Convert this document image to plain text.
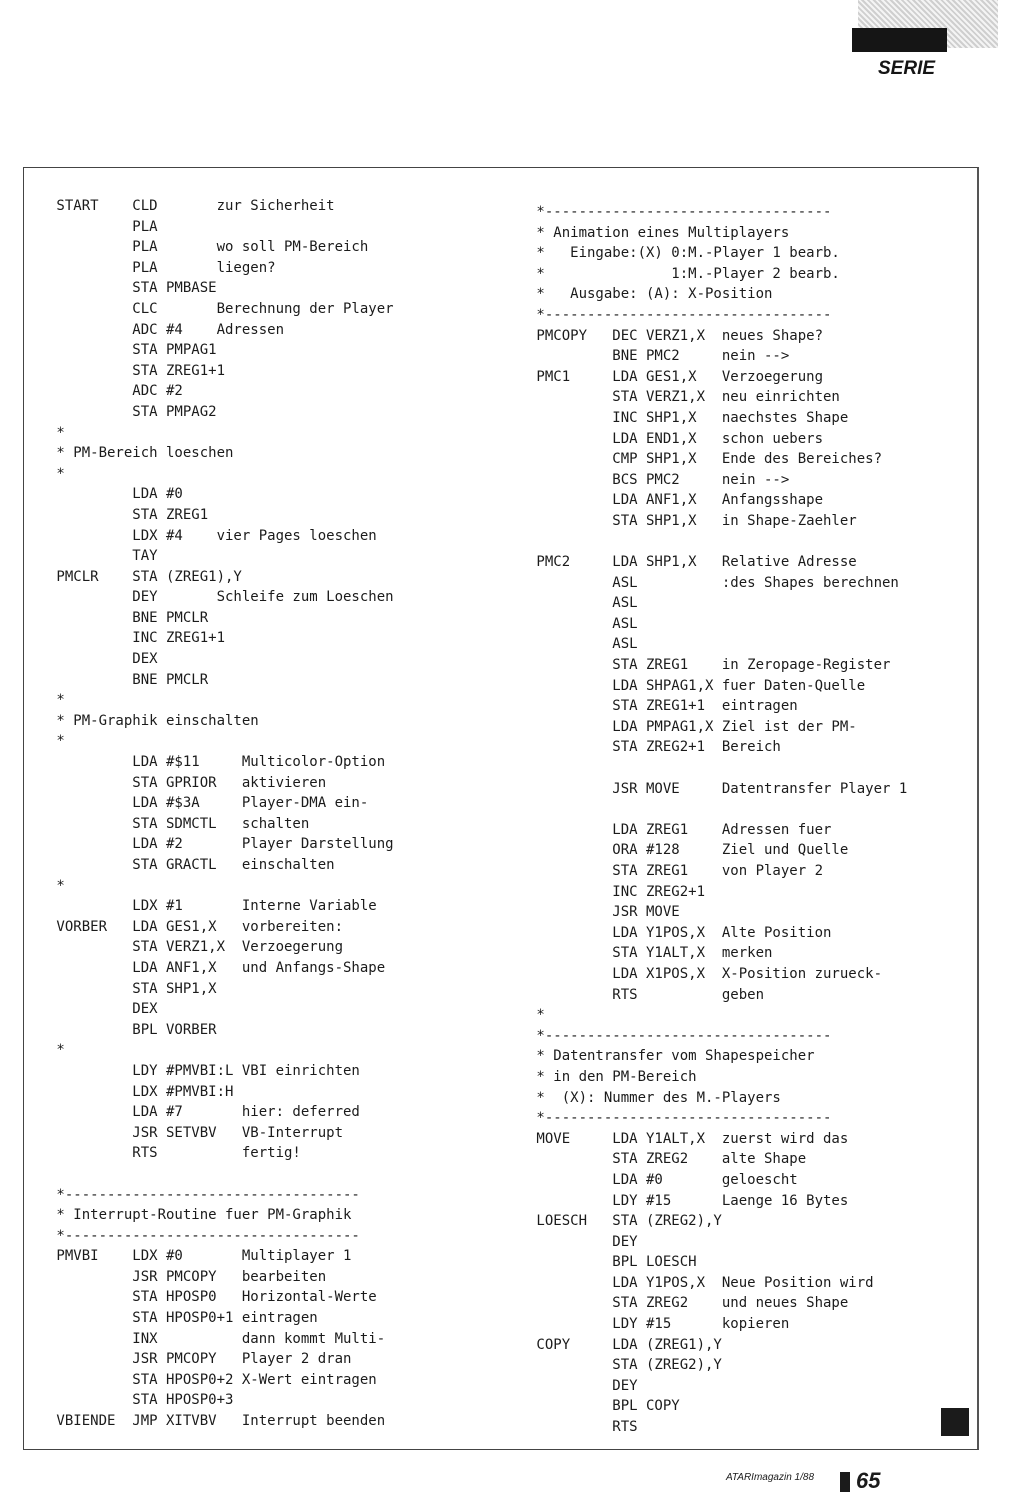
SERIE
START    CLD       zur Sicherheit
PLA
PLA       wo soll PM-Bereich
PLA       liegen?
STA PMBASE
CLC       Berechnung der Player
ADC #4    Adressen
STA PMPAG1
STA ZREG1+1
ADC #2
STA PMPAG2
*
* PM-Bereich loeschen
*
LDA #0
STA ZREG1
LDX #4    vier Pages loeschen
TAY
PMCLR    STA (ZREG1),Y
DEY       Schleife zum Loeschen
BNE PMCLR
INC ZREG1+1
DEX
BNE PMCLR
*
* PM-Graphik einschalten
*
LDA #$11     Multicolor-Option
STA GPRIOR   aktivieren
LDA #$3A     Player-DMA ein-
STA SDMCTL   schalten
LDA #2       Player Darstellung
STA GRACTL   einschalten
*
LDX #1       Interne Variable
VORBER   LDA GES1,X   vorbereiten:
STA VERZ1,X  Verzoegerung
LDA ANF1,X   und Anfangs-Shape
STA SHP1,X
DEX
BPL VORBER
*
LDY #PMVBI:L VBI einrichten
LDX #PMVBI:H
LDA #7       hier: deferred
JSR SETVBV   VB-Interrupt
RTS          fertig!

*-----------------------------------
* Interrupt-Routine fuer PM-Graphik
*-----------------------------------
PMVBI    LDX #0       Multiplayer 1
JSR PMCOPY   bearbeiten
STA HPOSP0   Horizontal-Werte
STA HPOSP0+1 eintragen
INX          dann kommt Multi-
JSR PMCOPY   Player 2 dran
STA HPOSP0+2 X-Wert eintragen
STA HPOSP0+3
VBIENDE  JMP XITVBV   Interrupt beenden
*----------------------------------
* Animation eines Multiplayers
*   Eingabe:(X) 0:M.-Player 1 bearb.
*               1:M.-Player 2 bearb.
*   Ausgabe: (A): X-Position
*----------------------------------
PMCOPY   DEC VERZ1,X  neues Shape?
BNE PMC2     nein -->
PMC1     LDA GES1,X   Verzoegerung
STA VERZ1,X  neu einrichten
INC SHP1,X   naechstes Shape
LDA END1,X   schon uebers
CMP SHP1,X   Ende des Bereiches?
BCS PMC2     nein -->
LDA ANF1,X   Anfangsshape
STA SHP1,X   in Shape-Zaehler

PMC2     LDA SHP1,X   Relative Adresse
ASL          :des Shapes berechnen
ASL
ASL
ASL
STA ZREG1    in Zeropage-Register
LDA SHPAG1,X fuer Daten-Quelle
STA ZREG1+1  eintragen
LDA PMPAG1,X Ziel ist der PM-
STA ZREG2+1  Bereich

JSR MOVE     Datentransfer Player 1

LDA ZREG1    Adressen fuer
ORA #128     Ziel und Quelle
STA ZREG1    von Player 2
INC ZREG2+1
JSR MOVE
LDA Y1POS,X  Alte Position
STA Y1ALT,X  merken
LDA X1POS,X  X-Position zurueck-
RTS          geben
*
*----------------------------------
* Datentransfer vom Shapespeicher
* in den PM-Bereich
*  (X): Nummer des M.-Players
*----------------------------------
MOVE     LDA Y1ALT,X  zuerst wird das
STA ZREG2    alte Shape
LDA #0       geloescht
LDY #15      Laenge 16 Bytes
LOESCH   STA (ZREG2),Y
DEY
BPL LOESCH
LDA Y1POS,X  Neue Position wird
STA ZREG2    und neues Shape
LDY #15      kopieren
COPY     LDA (ZREG1),Y
STA (ZREG2),Y
DEY
BPL COPY
RTS
ATARImagazin 1/88 65
